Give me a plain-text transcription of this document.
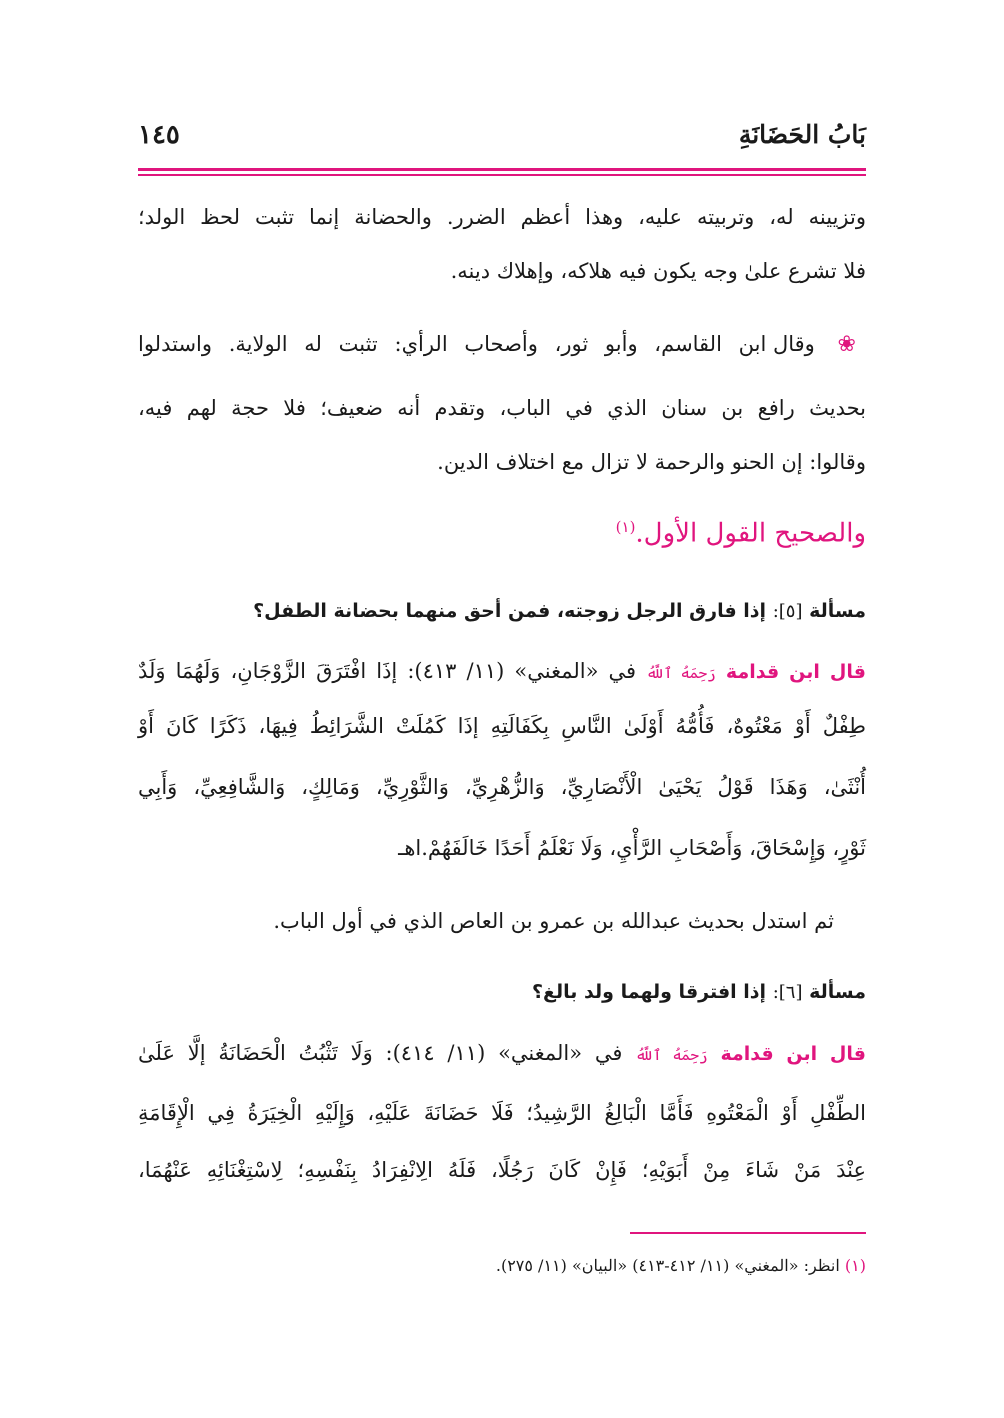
بَابُ الحَضَانَةِ
١٤٥
وتزيينه له، وتربيته عليه، وهذا أعظم الضرر. والحضانة إنما تثبت لحظ الولد؛
فلا تشرع علىٰ وجه يكون فيه هلاكه، وإهلاك دينه.
❀ وقال ابن القاسم، وأبو ثور، وأصحاب الرأي: تثبت له الولاية. واستدلوا
بحديث رافع بن سنان الذي في الباب، وتقدم أنه ضعيف؛ فلا حجة لهم فيه،
وقالوا: إن الحنو والرحمة لا تزال مع اختلاف الدين.
والصحيح القول الأول.$^{(١)}$
مسألة [٥]: إذا فارق الرجل زوجته، فمن أحق منهما بحضانة الطفل؟
قال ابن قدامة رَحِمَهُ ٱللَّهُ في «المغني» (١١/ ٤١٣): إذَا افْتَرَقَ الزَّوْجَانِ، وَلَهُمَا وَلَدٌ
طِفْلٌ أَوْ مَعْتُوهٌ، فَأُمُّهُ أَوْلَىٰ النَّاسِ بِكَفَالَتِهِ إذَا كَمُلَتْ الشَّرَائِطُ فِيهَا، ذَكَرًا كَانَ أَوْ
أُنْثَىٰ، وَهَذَا قَوْلُ يَحْيَىٰ الْأَنْصَارِيِّ، وَالزُّهْرِيِّ، وَالثَّوْرِيِّ، وَمَالِكٍ، وَالشَّافِعِيِّ، وَأَبِي
ثَوْرٍ، وَإِسْحَاقَ، وَأَصْحَابِ الرَّأْيِ، وَلَا نَعْلَمُ أَحَدًا خَالَفَهُمْ.اهـ
ثم استدل بحديث عبدالله بن عمرو بن العاص الذي في أول الباب.
مسألة [٦]: إذا افترقا ولهما ولد بالغ؟
قال ابن قدامة رَحِمَهُ ٱللَّهُ في «المغني» (١١/ ٤١٤): وَلَا تَثْبُتُ الْحَضَانَةُ إلَّا عَلَىٰ
الطِّفْلِ أَوْ الْمَعْتُوهِ فَأَمَّا الْبَالِغُ الرَّشِيدُ؛ فَلَا حَضَانَةَ عَلَيْهِ، وَإِلَيْهِ الْخِيَرَةُ فِي الْإِقَامَةِ
عِنْدَ مَنْ شَاءَ مِنْ أَبَوَيْهِ؛ فَإِنْ كَانَ رَجُلًا، فَلَهُ الِانْفِرَادُ بِنَفْسِهِ؛ لِاسْتِغْنَائِهِ عَنْهُمَا،
(١) انظر: «المغني» (١١/ ٤١٢-٤١٣) «البيان» (١١/ ٢٧٥).
